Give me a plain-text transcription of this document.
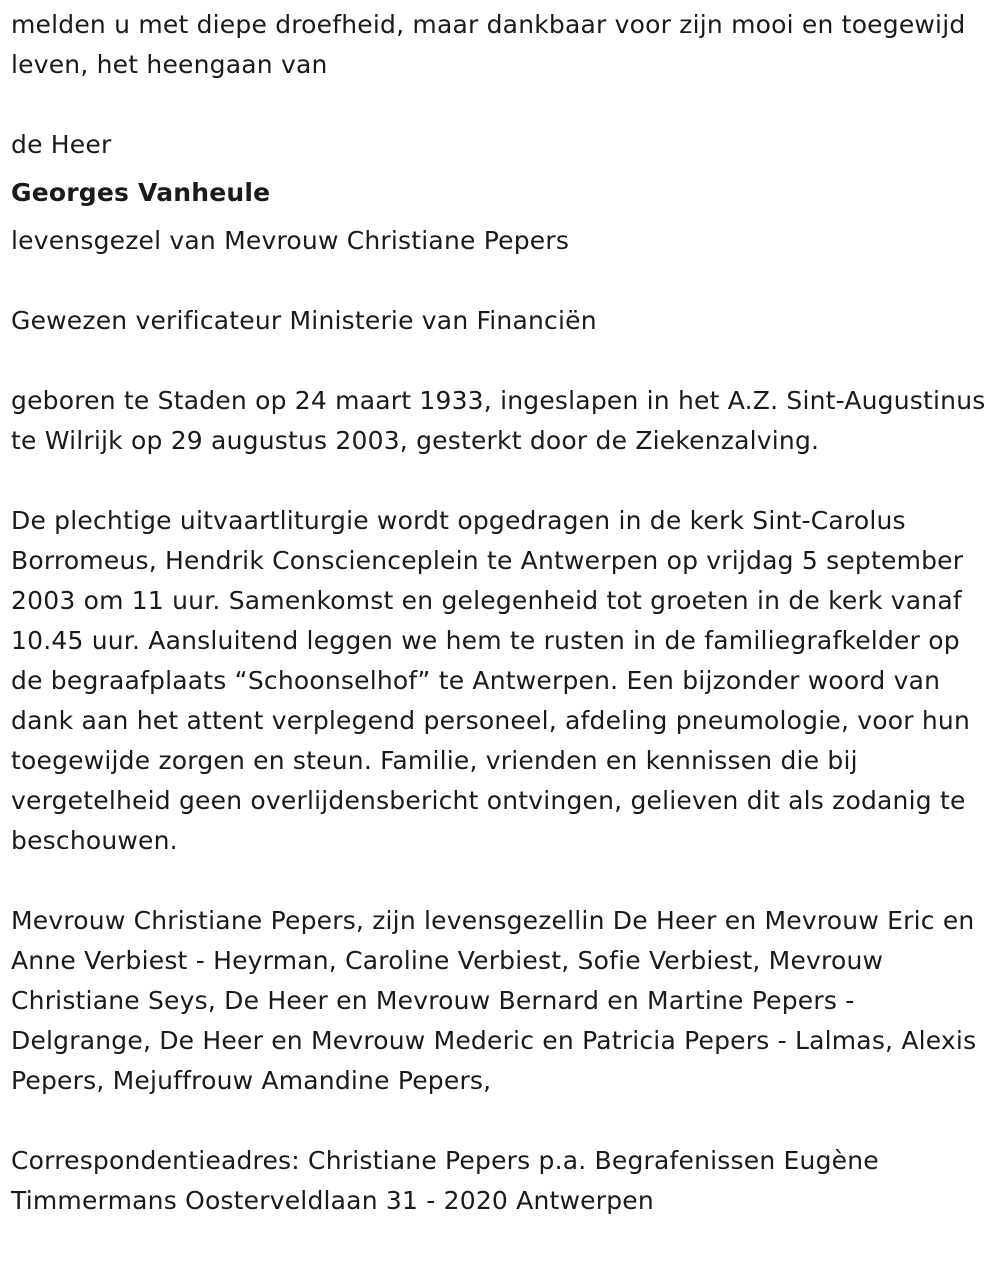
melden u met diepe droefheid, maar dankbaar voor zijn mooi en toegewijd leven, het heengaan van

de Heer

Georges Vanheule

levensgezel van Mevrouw Christiane Pepers

Gewezen verificateur Ministerie van Financiën

geboren te Staden op 24 maart 1933, ingeslapen in het A.Z. Sint-Augustinus te Wilrijk op 29 augustus 2003, gesterkt door de Ziekenzalving.

De plechtige uitvaartliturgie wordt opgedragen in de kerk Sint-Carolus Borromeus, Hendrik Conscienceplein te Antwerpen op vrijdag 5 september 2003 om 11 uur. Samenkomst en gelegenheid tot groeten in de kerk vanaf 10.45 uur. Aansluitend leggen we hem te rusten in de familiegrafkelder op de begraafplaats “Schoonselhof” te Antwerpen. Een bijzonder woord van dank aan het attent verplegend personeel, afdeling pneumologie, voor hun toegewijde zorgen en steun. Familie, vrienden en kennissen die bij vergetelheid geen overlijdensbericht ontvingen, gelieven dit als zodanig te beschouwen.

Mevrouw Christiane Pepers, zijn levensgezellin De Heer en Mevrouw Eric en Anne Verbiest - Heyrman, Caroline Verbiest, Sofie Verbiest, Mevrouw Christiane Seys, De Heer en Mevrouw Bernard en Martine Pepers - Delgrange, De Heer en Mevrouw Mederic en Patricia Pepers - Lalmas, Alexis Pepers, Mejuffrouw Amandine Pepers,

Correspondentieadres: Christiane Pepers p.a. Begrafenissen Eugène Timmermans Oosterveldlaan 31 - 2020 Antwerpen
